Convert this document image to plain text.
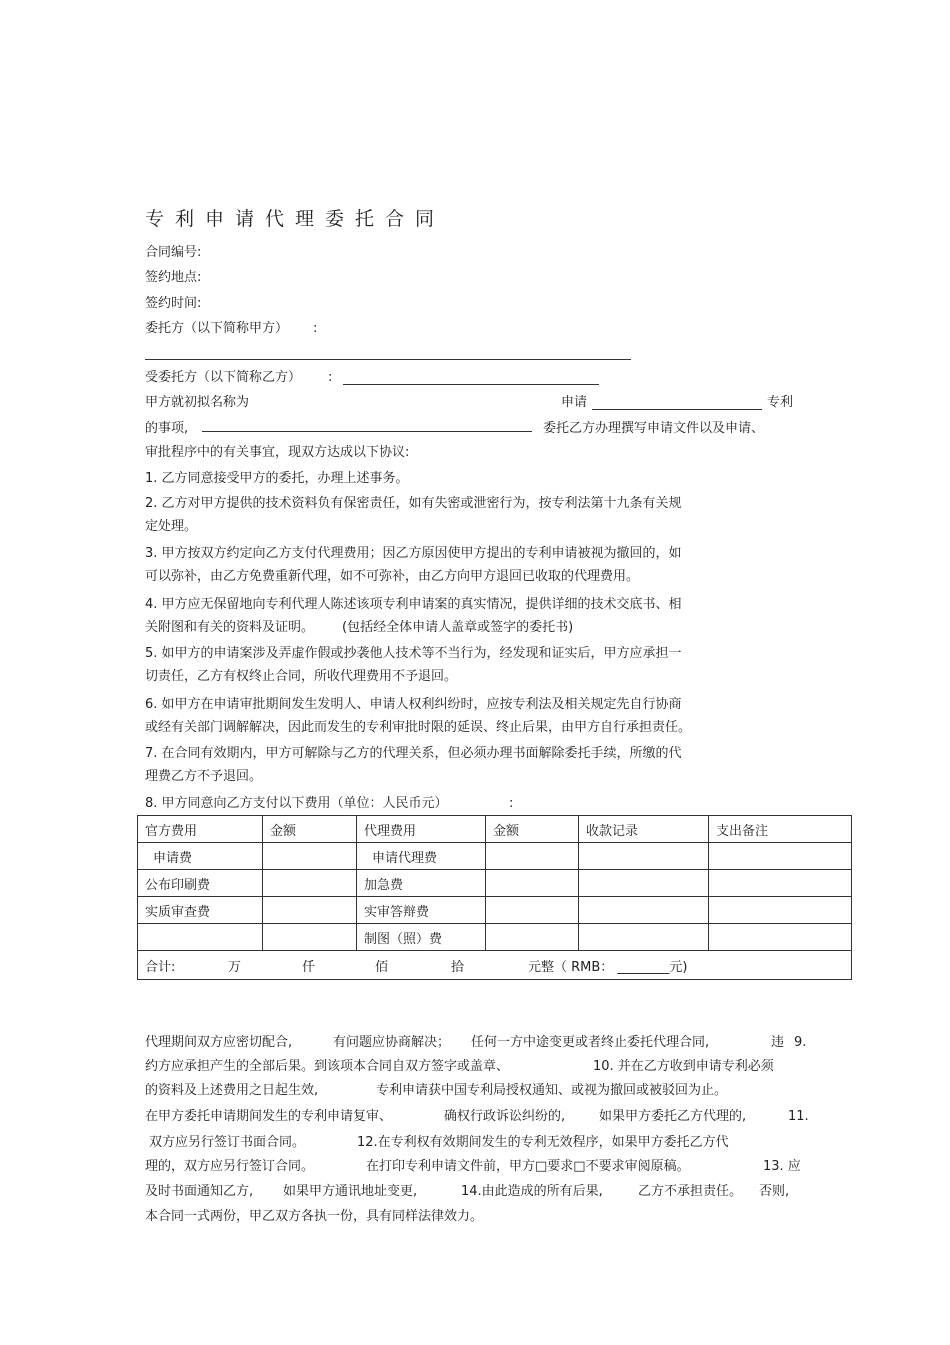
专利申请代理委托合同
合同编号:
签约地点:
签约时间:
委托方（以下简称甲方） :
受委托方（以下简称乙方） :
甲方就初拟名称为	申请	专利
的事项,	委托乙方办理撰写申请文件以及申请、
审批程序中的有关事宜，现双方达成以下协议:
1. 乙方同意接受甲方的委托，办理上述事务。
2. 乙方对甲方提供的技术资料负有保密责任，如有失密或泄密行为，按专利法第十九条有关规
定处理。
3. 甲方按双方约定向乙方支付代理费用；因乙方原因使甲方提出的专利申请被视为撤回的，如
可以弥补，由乙方免费重新代理，如不可弥补，由乙方向甲方退回已收取的代理费用。
4. 甲方应无保留地向专利代理人陈述该项专利申请案的真实情况，提供详细的技术交底书、相
关附图和有关的资料及证明。 (包括经全体申请人盖章或签字的委托书)
5. 如甲方的申请案涉及弄虚作假或抄袭他人技术等不当行为，经发现和证实后，甲方应承担一
切责任，乙方有权终止合同，所收代理费用不予退回。
6. 如甲方在申请审批期间发生发明人、申请人权利纠纷时，应按专利法及相关规定先自行协商
或经有关部门调解解决，因此而发生的专利审批时限的延误、终止后果，由甲方自行承担责任。
7. 在合同有效期内，甲方可解除与乙方的代理关系，但必须办理书面解除委托手续，所缴的代
理费乙方不予退回。
8. 甲方同意向乙方支付以下费用（单位：人民币元）	:
官方费用	金额	代理费用	金额	收款记录	支出备注
申请费		申请代理费			
公布印刷费		加急费			
实质审查费		实审答辩费			
		制图（照）费			
合计: 万 仟 佰 拾 元整（ RMB： ________元)					
代理期间双方应密切配合,	有问题应协商解决； 任何一方中途变更或者终止委托代理合同,	违 9.
约方应承担产生的全部后果。到该项本合同自双方签字或盖章、	10. 并在乙方收到申请专利必须
的资料及上述费用之日起生效,	专利申请获中国专利局授权通知、或视为撤回或被驳回为止。
在甲方委托申请期间发生的专利申请复审、	确权行政诉讼纠纷的,	如果甲方委托乙方代理的,	11.
双方应另行签订书面合同。	12.在专利权有效期间发生的专利无效程序，如果甲方委托乙方代
理的，双方应另行签订合同。	在打印专利申请文件前，甲方□要求□不要求审阅原稿。	13. 应
及时书面通知乙方, 如果甲方通讯地址变更,	14.由此造成的所有后果,	乙方不承担责任。 否则,
本合同一式两份，甲乙双方各执一份，具有同样法律效力。
